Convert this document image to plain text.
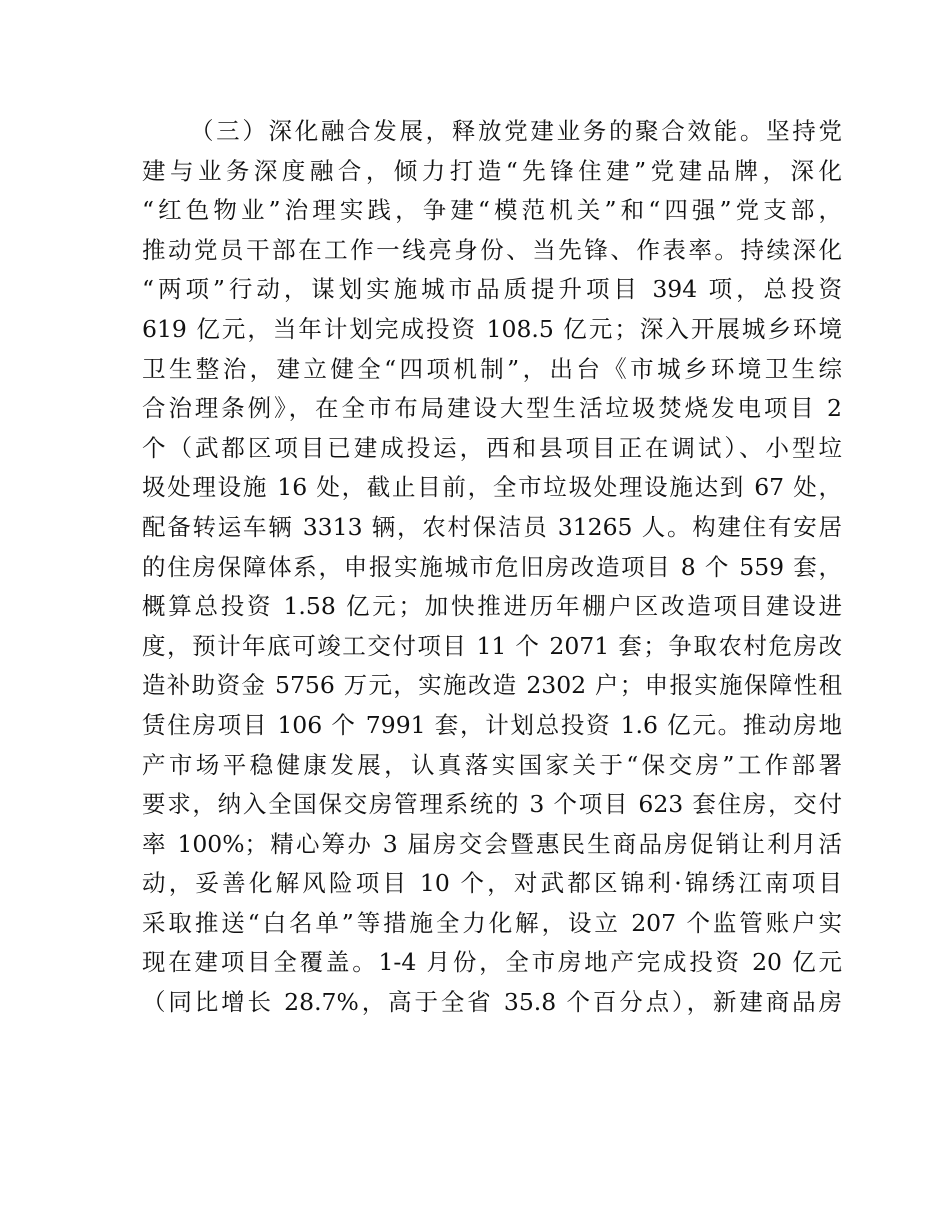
（三）深化融合发展，释放党建业务的聚合效能。坚持党
建与业务深度融合，倾力打造“先锋住建”党建品牌，深化
“红色物业”治理实践，争建“模范机关”和“四强”党支部，
推动党员干部在工作一线亮身份、当先锋、作表率。持续深化
“两项”行动，谋划实施城市品质提升项目 394 项，总投资
619 亿元，当年计划完成投资 108.5 亿元；深入开展城乡环境
卫生整治，建立健全“四项机制”，出台《市城乡环境卫生综
合治理条例》，在全市布局建设大型生活垃圾焚烧发电项目 2
个（武都区项目已建成投运，西和县项目正在调试）、小型垃
圾处理设施 16 处，截止目前，全市垃圾处理设施达到 67 处，
配备转运车辆 3313 辆，农村保洁员 31265 人。构建住有安居
的住房保障体系，申报实施城市危旧房改造项目 8 个 559 套，
概算总投资 1.58 亿元；加快推进历年棚户区改造项目建设进
度，预计年底可竣工交付项目 11 个 2071 套；争取农村危房改
造补助资金 5756 万元，实施改造 2302 户；申报实施保障性租
赁住房项目 106 个 7991 套，计划总投资 1.6 亿元。推动房地
产市场平稳健康发展，认真落实国家关于“保交房”工作部署
要求，纳入全国保交房管理系统的 3 个项目 623 套住房，交付
率 100%；精心筹办 3 届房交会暨惠民生商品房促销让利月活
动，妥善化解风险项目 10 个，对武都区锦利·锦绣江南项目
采取推送“白名单”等措施全力化解，设立 207 个监管账户实
现在建项目全覆盖。1-4 月份，全市房地产完成投资 20 亿元
（同比增长 28.7%，高于全省 35.8 个百分点），新建商品房
